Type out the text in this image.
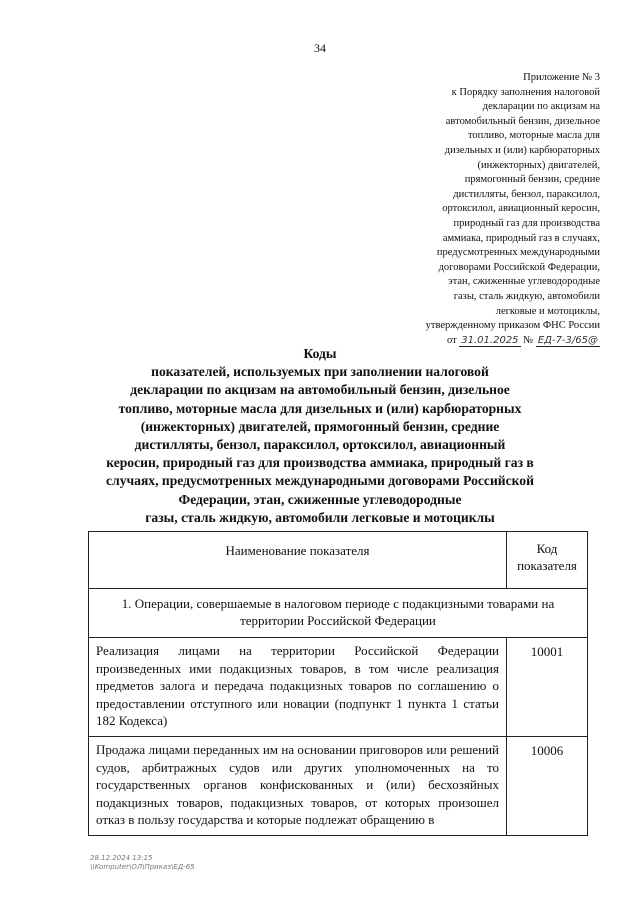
34
Приложение № 3
к Порядку заполнения налоговой
декларации по акцизам на
автомобильный бензин, дизельное
топливо, моторные масла для
дизельных и (или) карбюраторных
(инжекторных) двигателей,
прямогонный бензин, средние
дистилляты, бензол, параксилол,
ортоксилол, авиационный керосин,
природный газ для производства
аммиака, природный газ в случаях,
предусмотренных международными
договорами Российской Федерации,
этан, сжиженные углеводородные
газы, сталь жидкую, автомобили
легковые и мотоциклы,
утвержденному приказом ФНС России
от 31.01.2025 № ЕД-7-3/65@
Коды
показателей, используемых при заполнении налоговой
декларации по акцизам на автомобильный бензин, дизельное
топливо, моторные масла для дизельных и (или) карбюраторных
(инжекторных) двигателей, прямогонный бензин, средние
дистилляты, бензол, параксилол, ортоксилол, авиационный
керосин, природный газ для производства аммиака, природный газ в
случаях, предусмотренных международными договорами Российской
Федерации, этан, сжиженные углеводородные
газы, сталь жидкую, автомобили легковые и мотоциклы
Наименование показателя	Код показателя
1. Операции, совершаемые в налоговом периоде с подакцизными товарами на территории Российской Федерации	
Реализация лицами на территории Российской Федерации произведенных ими подакцизных товаров, в том числе реализация предметов залога и передача подакцизных товаров по соглашению о предоставлении отступного или новации (подпункт 1 пункта 1 статьи 182 Кодекса)	10001
Продажа лицами переданных им на основании приговоров или решений судов, арбитражных судов или других уполномоченных на то государственных органов конфискованных и (или) бесхозяйных подакцизных товаров, подакцизных товаров, от которых произошел отказ в пользу государства и которые подлежат обращению в	10006
28.12.2024 13:15
\\Komputer\ОЛ\Приказ\ЕД-65
